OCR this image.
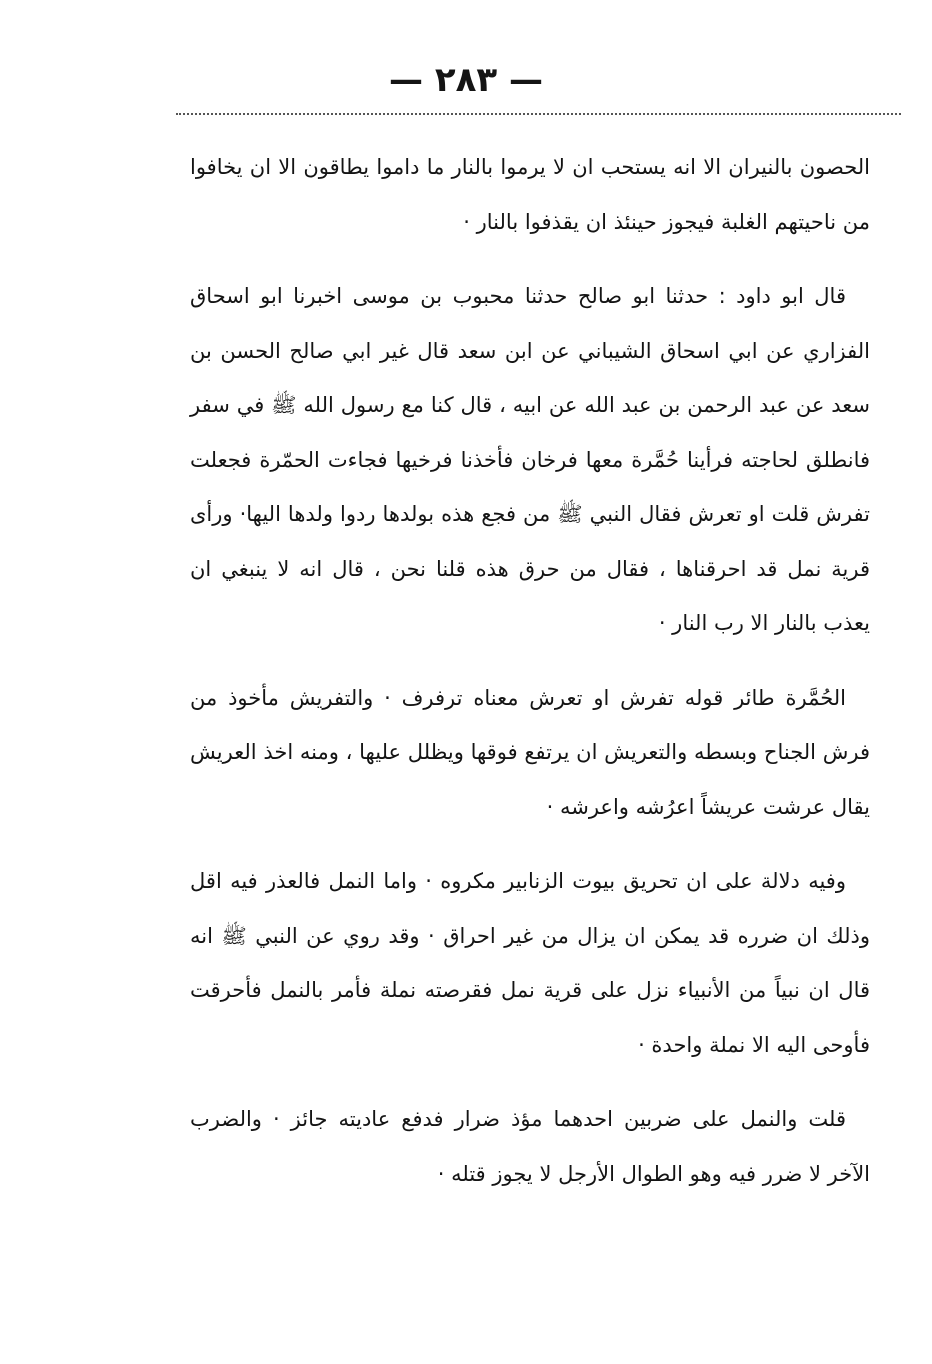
— ٢٨٣ —

الحصون بالنيران الا انه يستحب ان لا يرموا بالنار ما داموا يطاقون الا ان يخافوا من ناحيتهم الغلبة فيجوز حينئذ ان يقذفوا بالنار ·

قال ابو داود : حدثنا ابو صالح حدثنا محبوب بن موسى اخبرنا ابو اسحاق الفزاري عن ابي اسحاق الشيباني عن ابن سعد قال غير ابي صالح الحسن بن سعد عن عبد الرحمن بن عبد الله عن ابيه ، قال كنا مع رسول الله ﷺ في سفر فانطلق لحاجته فرأينا حُمَّرة معها فرخان فأخذنا فرخيها فجاءت الحمّرة فجعلت تفرش قلت او تعرش فقال النبي ﷺ من فجع هذه بولدها ردوا ولدها اليها· ورأى قرية نمل قد احرقناها ، فقال من حرق هذه قلنا نحن ، قال انه لا ينبغي ان يعذب بالنار الا رب النار ·

الحُمَّرة طائر قوله تفرش او تعرش معناه ترفرف · والتفريش مأخوذ من فرش الجناح وبسطه والتعريش ان يرتفع فوقها ويظلل عليها ، ومنه اخذ العريش يقال عرشت عريشاً اعرُشه واعرشه ·

وفيه دلالة على ان تحريق بيوت الزنابير مكروه · واما النمل فالعذر فيه اقل وذلك ان ضرره قد يمكن ان يزال من غير احراق · وقد روي عن النبي ﷺ انه قال ان نبياً من الأنبياء نزل على قرية نمل فقرصته نملة فأمر بالنمل فأحرقت فأوحى اليه الا نملة واحدة ·

قلت والنمل على ضربين احدهما مؤذ ضرار فدفع عاديته جائز · والضرب الآخر لا ضرر فيه وهو الطوال الأرجل لا يجوز قتله ·
